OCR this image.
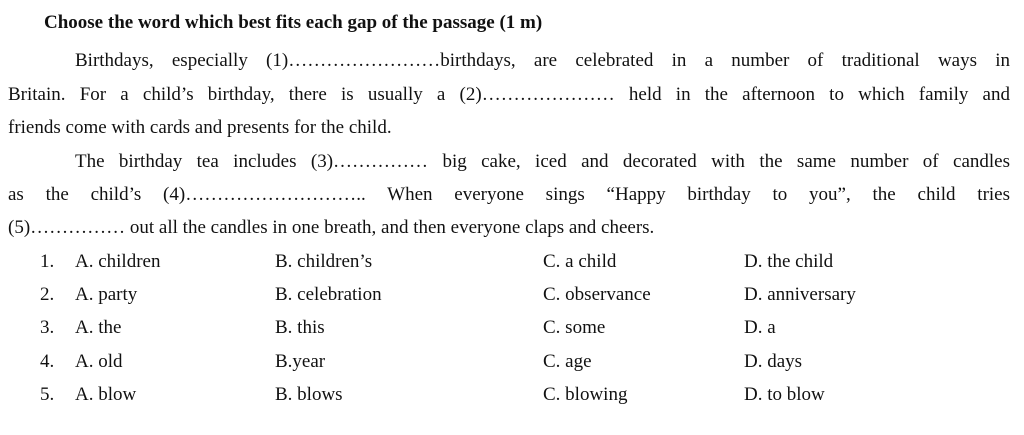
Choose the word which best fits each gap of the passage (1 m)
Birthdays, especially (1)……………………birthdays, are celebrated in a number of traditional ways in
Britain. For a child’s birthday, there is usually a (2)………………… held in the afternoon to which family and
friends come with cards and presents for the child.
The birthday tea includes (3)…………… big cake, iced and decorated with the same number of candles
as the child’s (4)……………………….. When everyone sings “Happy birthday to you”, the child tries
(5)…………… out all the candles in one breath, and then everyone claps and cheers.
1. A. children	B. children’s	C. a child	D. the child
2. A. party	B. celebration	C. observance	D. anniversary
3. A. the	B. this	C. some	D. a
4. A. old	B.year	C. age	D. days
5. A. blow	B. blows	C. blowing	D. to blow
